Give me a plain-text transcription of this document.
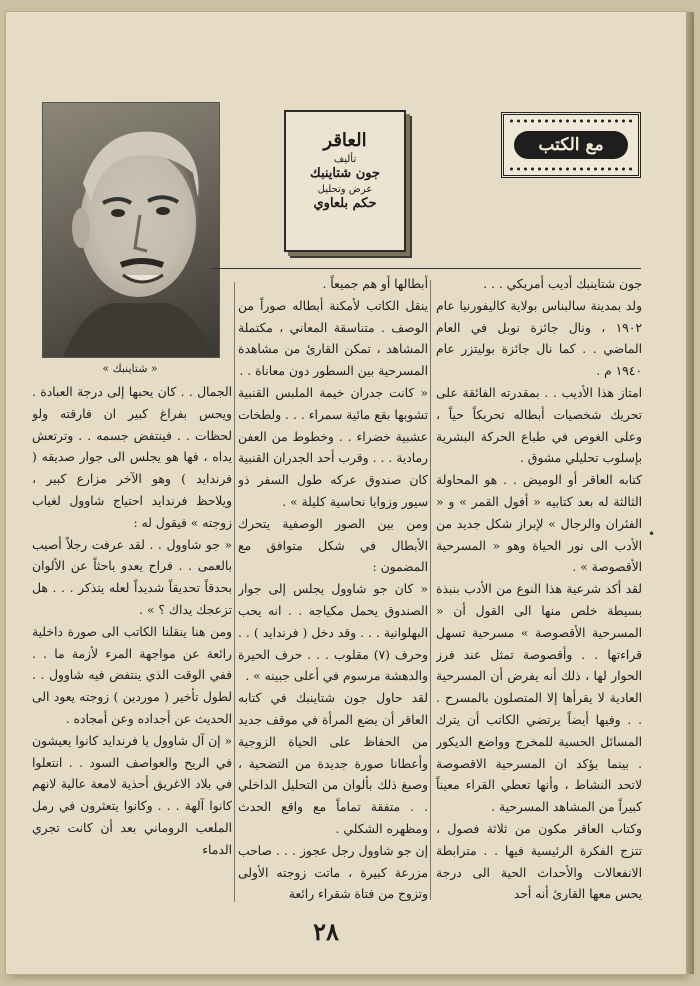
مع الكتب
العاقر
تأليف
جون شتاينبك
عرض وتحليل
حكم بلعاوي
« شتاينبك »
جون شتاينبك أديب أمريكي . . .
ولد بمدينة سالبناس بولاية كاليفورنيا عام ١٩٠٢ ، ونال جائزة نوبل في العام الماضي . . كما نال جائزة بوليتزر عام ١٩٤٠ م .
امتاز هذا الأديب . . بمقدرته الفائقة على تحريك شخصيات أبطاله تحريكاً حياً ، وعلى الغوص في طباع الحركة البشرية بإسلوب تحليلي مشوق .
كتابه العاقر أو الوميض . . هو المحاولة الثالثة له بعد كتابيه « أفول القمر » و « الفئران والرجال » لإبراز شكل جديد من الأدب الى نور الحياة وهو « المسرحية الأقصوصة » .
لقد أكد شرعية هذا النوع من الأدب بنبذة بسيطة خلص منها الى القول أن « المسرحية الأقصوصة » مسرحية تسهل قراءتها . . وأقصوصة تمثل عند فرز الحوار لها ، ذلك أنه يفرض أن المسرحية العادية لا يقرأها إلا المتصلون بالمسرح . . . وفيها أيضاً يرتضي الكاتب أن يترك المسائل الحسية للمخرج وواضع الديكور . بينما يؤكد ان المسرحية الاقصوصة لاتحد النشاط ، وأنها تعطي القراء معيناً كبيراً من المشاهد المسرحية .
وكتاب العاقر مكون من ثلاثة فصول ، تتزج الفكرة الرئيسية فيها . . مترابطة الانفعالات والأحداث الحية الى درجة يحس معها القارئ أنه أحد
أبطالها أو هم جميعاً .
ينقل الكاتب لأمكنة أبطاله صوراً من الوصف . متناسقة المعاني ، مكتملة المشاهد ، تمكن القارئ من مشاهدة المسرحية بين السطور دون معاناة . .
« كانت جدران خيمة الملبس القنبية تشوبها بقع مائية سمراء . . . ولطخات عشبية خضراء . . وخطوط من العفن رمادية . . . وقرب أحد الجدران القنبية كان صندوق عركه طول السفر ذو سيور وزوايا نحاسية كليلة » .
ومن بين الصور الوصفية يتحرك الأبطال في شكل متوافق مع المضمون :
« كان جو شاوول يجلس إلى جوار الصندوق يحمل مكياجه . . انه يحب البهلوانية . . . وقد دخل ( فرندايد ) . . وحرف (٧) مقلوب . . . حرف الحيرة والدهشة مرسوم في أعلى جبينه » .
لقد حاول جون شتاينبك في كتابه العاقر أن يضع المرأة في موقف جديد من الحفاظ على الحياة الزوجية وأعطانا صورة جديدة من التضحية ، وصبغ ذلك بألوان من التحليل الداخلي . . متفقة تماماً مع واقع الحدث ومظهره الشكلي .
إن جو شاوول رجل عجوز . . . صاحب مزرعة كبيرة ، ماتت زوجته الأولى وتزوج من فتاة شقراء رائعة
الجمال . . كان يحبها إلى درجة العبادة . ويحس بفراغ كبير ان فارقته ولو لحظات . . فينتفض جسمه . . وترتعش يداه ، فها هو يجلس الى جوار صديقه ( فرندايد ) وهو الآخر مزارع كبير ، ويلاحظ فرندايد احتياج شاوول لغياب زوجته » فيقول له :
« جو شاوول . . لقد عرفت رجلاً أصيب بالعمى . . فراح يعدو باحثاً عن الألوان بحدقاً تحديقاً شديداً لعله يتذكر . . . هل تزعجك يداك ؟ » .
ومن هنا ينقلنا الكاتب الى صورة داخلية رائعة عن مواجهة المرء لأزمة ما . . ففي الوقت الذي ينتفض فيه شاوول . . لطول تأخير ( موردين ) زوجته يعود الى الحديث عن أجداده وعن أمجاده .
« إن آل شاوول يا فرندايد كانوا يعيشون في الريح والعواصف السود . . انتعلوا في بلاد الاغريق أحذية لامعة عالية لانهم كانوا آلهة . . . وكانوا يتعثرون في رمل الملعب الروماني بعد أن كانت تجري الدماء
•
٢٨
